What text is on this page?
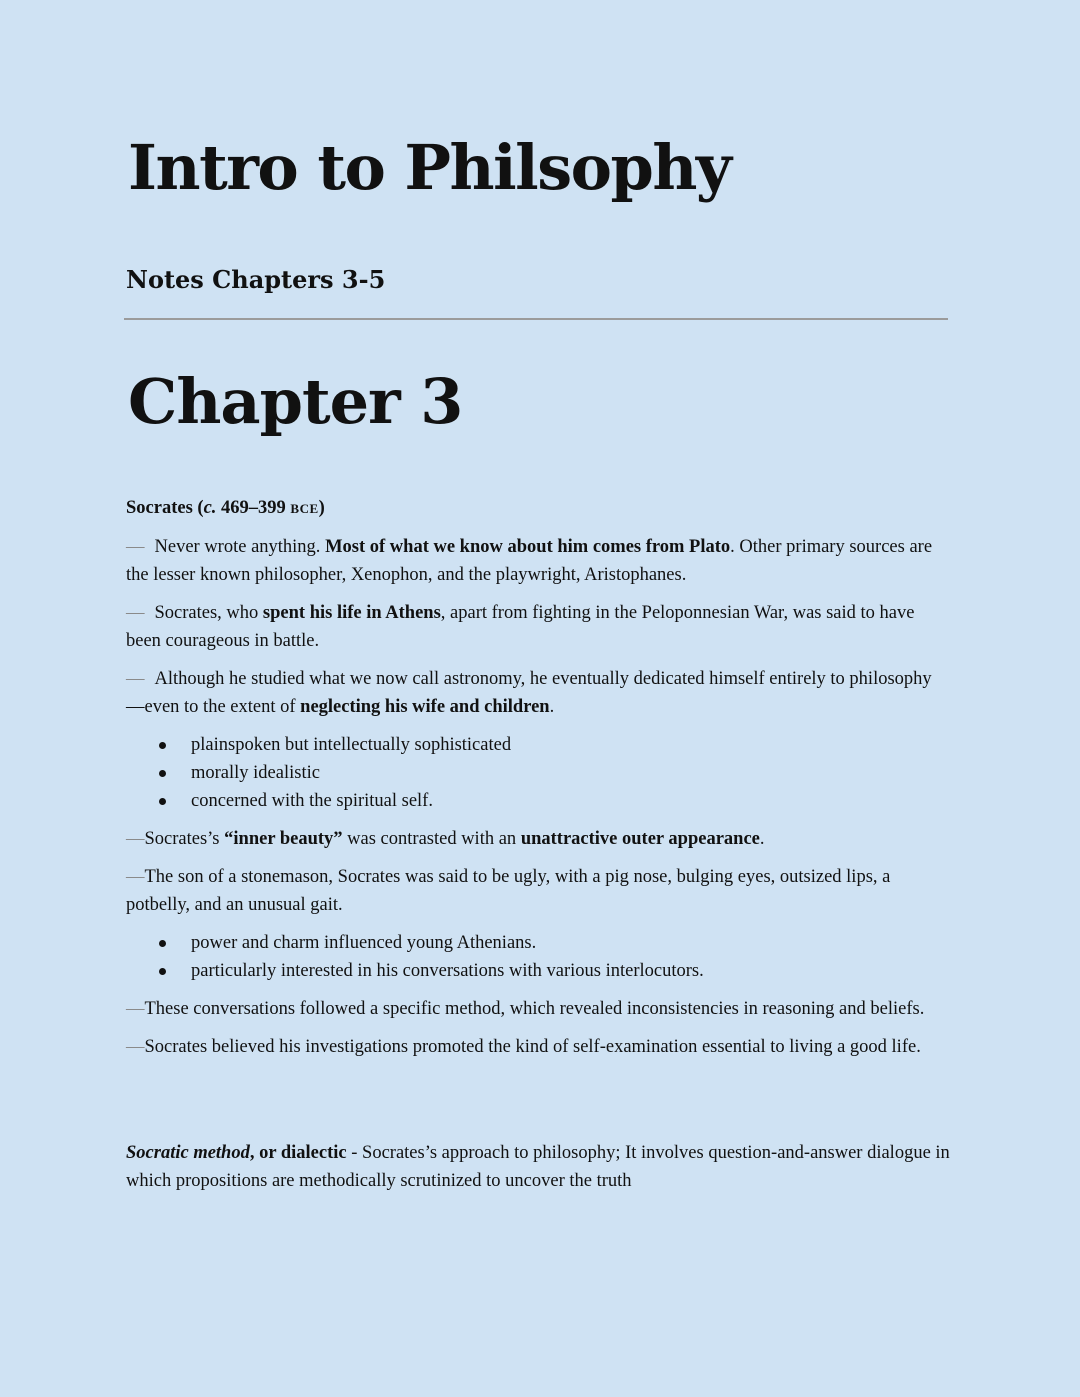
Intro to Philsophy
Notes Chapters 3-5
Chapter 3

Socrates (c. 469–399 BCE)

— Never wrote anything. Most of what we know about him comes from Plato. Other primary sources are the lesser known philosopher, Xenophon, and the playwright, Aristophanes.

— Socrates, who spent his life in Athens, apart from fighting in the Peloponnesian War, was said to have been courageous in battle.

— Although he studied what we now call astronomy, he eventually dedicated himself entirely to philosophy—even to the extent of neglecting his wife and children.

plainspoken but intellectually sophisticated
morally idealistic
concerned with the spiritual self.

—Socrates’s “inner beauty” was contrasted with an unattractive outer appearance.

—The son of a stonemason, Socrates was said to be ugly, with a pig nose, bulging eyes, outsized lips, a potbelly, and an unusual gait.

power and charm influenced young Athenians.
particularly interested in his conversations with various interlocutors.

—These conversations followed a specific method, which revealed inconsistencies in reasoning and beliefs.

—Socrates believed his investigations promoted the kind of self-examination essential to living a good life.

Socratic method, or dialectic - Socrates’s approach to philosophy; It involves question-and-answer dialogue in which propositions are methodically scrutinized to uncover the truth
